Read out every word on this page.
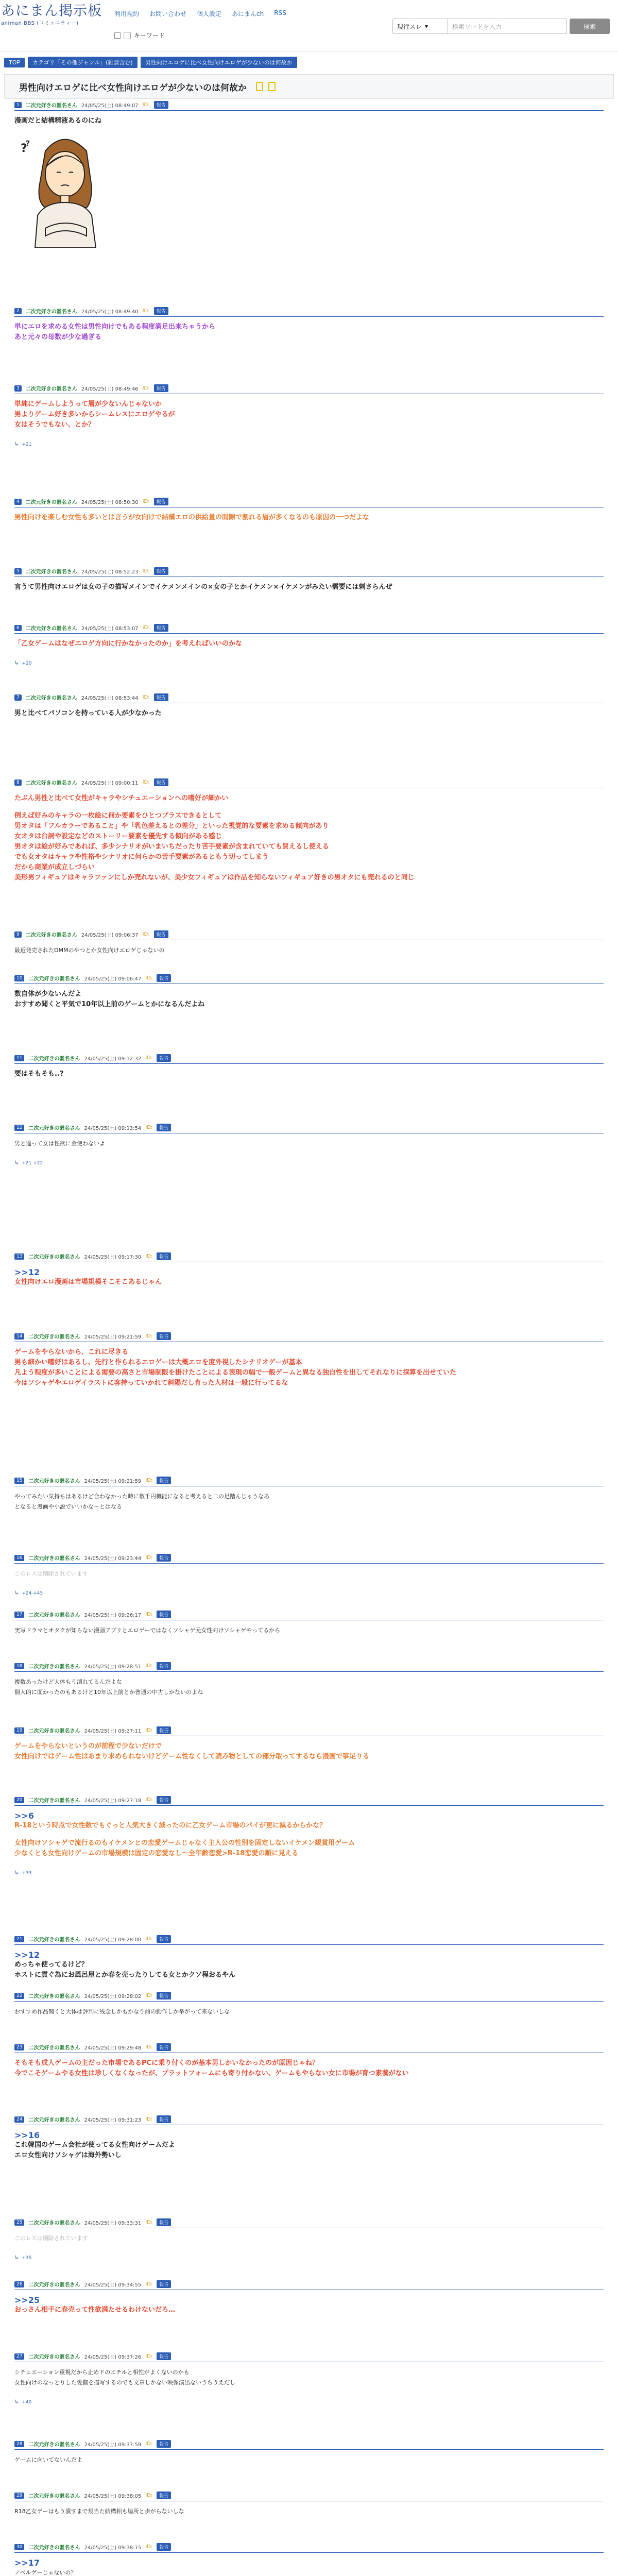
あにまん掲示板
animan BBS (コミュニティー)
利用規約 お問い合わせ 個人設定 あにまんch RSS
キーワード
現行スレ ▾	検索ワードを入力	検索
TOP	カテゴリ「その他ジャンル」(雑談含む)	男性向けエロゲに比べ女性向けエロゲが少ないのは何故か
男性向けエロゲに比べ女性向けエロゲが少ないのは何故か
1	二次元好きの匿名さん 24/05/25(土) 08:49:07 ID:	報告
漫画だと結構精液あるのにね
?
?
2	二次元好きの匿名さん 24/05/25(土) 08:49:40 ID:	報告
単にエロを求める女性は男性向けでもある程度満足出来ちゃうから
あと元々の母数が少な過ぎる
3	二次元好きの匿名さん 24/05/25(土) 08:49:46 ID:	報告
単純にゲームしようって層が少ないんじゃないか
男よりゲーム好き多いからシームレスにエロゲやるが
女はそうでもない、とか？
↳ +21
4	二次元好きの匿名さん 24/05/25(土) 08:50:30 ID:	報告
男性向けを楽しむ女性も多いとは言うが女向けで結構エロの供給量の間隙で割れる層が多くなるのも原因の一つだよな
5	二次元好きの匿名さん 24/05/25(土) 08:52:23 ID:	報告
言うて男性向けエロゲは女の子の描写メインでイケメンメインの×女の子とかイケメン×イケメンがみたい需要には刺さらんぜ
6	二次元好きの匿名さん 24/05/25(土) 08:53:07 ID:	報告
「乙女ゲームはなぜエロゲ方向に行かなかったのか」を考えればいいのかな
↳ +20
7	二次元好きの匿名さん 24/05/25(土) 08:53:44 ID:	報告
男と比べてパソコンを持っている人が少なかった
8	二次元好きの匿名さん 24/05/25(土) 09:00:11 ID:	報告
たぶん男性と比べて女性がキャラやシチュエーションへの嗜好が細かい
例えば好みのキャラの一枚絵に何か要素をひとつプラスできるとして
男オタは「フルカラーであること」や「乳色差えるとの差分」といった視覚的な要素を求める傾向があり
女オタは台詞や設定などのストーリー要素を優先する傾向がある感じ
男オタは絵が好みであれば、多少シナリオがいまいちだったり苦手要素が含まれていても買えるし使える
でも女オタはキャラや性格やシナリオに何らかの苦手要素があるともう切ってしまう
だから商業が成立しづらい
美形男フィギュアはキャラファンにしか売れないが、美少女フィギュアは作品を知らないフィギュア好きの男オタにも売れるのと同じ
9	二次元好きの匿名さん 24/05/25(土) 09:06:37 ID:	報告
最近発売されたDMMのやつとか女性向けエロゲじゃないの
10	二次元好きの匿名さん 24/05/25(土) 09:06:47 ID:	報告
数自体が少ないんだよ
おすすめ聞くと平気で10年以上前のゲームとかになるんだよね
11	二次元好きの匿名さん 24/05/25(土) 09:12:32 ID:	報告
要はそもそも..?
12	二次元好きの匿名さん 24/05/25(土) 09:13:54 ID:	報告
男と違って女は性欲に金使わないよ
↳ +21 +22
13	二次元好きの匿名さん 24/05/25(土) 09:17:30 ID:	報告
>>12
女性向けエロ漫画は市場規模そこそこあるじゃん
14	二次元好きの匿名さん 24/05/25(土) 09:21:59 ID:	報告
ゲームをやらないから、これに尽きる
男も細かい嗜好はあるし、先行と作られるエロゲーは大概エロを度外視したシナリオゲーが基本
凡よう程度が多いことによる需要の高さと市場制限を掛けたことによる表現の幅で一般ゲームと異なる独自性を出してそれなりに採算を出せていた
今はソシャゲやエロゲイラストに客持っていかれて斜陽だし育った人材は一般に行ってるな
15	二次元好きの匿名さん 24/05/25(土) 09:21:59 ID:	報告
やってみたい気持ちはあるけど合わなかった時に数千円機能になると考えると二の足踏んじゃうなあ
となると漫画や小説でいいかな〜とはなる
16	二次元好きの匿名さん 24/05/25(土) 09:23:44 ID:	報告
このレスは削除されています
↳ +24 +45
17	二次元好きの匿名さん 24/05/25(土) 09:26:17 ID:	報告
実写ドラマとオタクが知らない漫画アプリとエロゲーではなくソシャゲ元女性向けソシャゲやってるから
18	二次元好きの匿名さん 24/05/25(土) 09:28:51 ID:	報告
複数あったけど大体もう潰れてるんだよな
個人的に面かったのもあるけど10年以上前とか普通の中古しかないのよね
19	二次元好きの匿名さん 24/05/25(土) 09:27:11 ID:	報告
ゲームをやらないというのが前程で少ないだけで
女性向けではゲーム性はあまり求められないけどゲーム性なくして読み物としての部分取ってするなら漫画で事足りる
20	二次元好きの匿名さん 24/05/25(土) 09:27:18 ID:	報告
>>6
R-18という時点で女性数でもぐっと人気大きく減ったのに乙女ゲーム市場のパイが更に減るからかな？
女性向けソシャゲで流行るのもイケメンとの恋愛ゲームじゃなく主人公の性別を固定しないイケメン観賞用ゲーム
少なくとも女性向けゲームの市場規模は固定の恋愛なし〜全年齢恋愛>R-18恋愛の順に見える
↳ +33
21	二次元好きの匿名さん 24/05/25(土) 09:28:00 ID:	報告
>>12
めっちゃ使ってるけど？
ホストに貢ぐ為にお風呂屋とか春を売ったりしてる女とかクソ程おるやん
22	二次元好きの匿名さん 24/05/25(土) 09:28:02 ID:	報告
おすすめ作品聞くと大体は評判に残念しかもかなり前の動作しか挙がって来ないしな
23	二次元好きの匿名さん 24/05/25(土) 09:29:48 ID:	報告
そもそも成人ゲームの主だった市場であるPCに乗り付くのが基本男しかいなかったのが原因じゃね？
今でこそゲームやる女性は珍しくなくなったが、プラットフォームにも寄り付かない、ゲームもやらない女に市場が育つ素養がない
24	二次元好きの匿名さん 24/05/25(土) 09:31:23 ID:	報告
>>16
これ韓国のゲーム会社が使ってる女性向けゲームだよ
エロ女性向けソシャゲは海外勢いし
25	二次元好きの匿名さん 24/05/25(土) 09:33:31 ID:	報告
このレスは削除されています
↳ +35
26	二次元好きの匿名さん 24/05/25(土) 09:34:55 ID:	報告
>>25
おっさん相手に春売って性欲満たせるわけないだろ…
27	二次元好きの匿名さん 24/05/25(土) 09:37:26 ID:	報告
シチュエーション重視だから止めドのエチルと相性がよくないのかも
女性向けのなっとりした愛撫を描写するのでも文章しかない映像演出ないうちうえだし
↳ +40
28	二次元好きの匿名さん 24/05/25(土) 09:37:59 ID:	報告
ゲームに向いてないんだよ
29	二次元好きの匿名さん 24/05/25(土) 09:38:05 ID:	報告
R18乙女ゲーはもう潰すまで規当た結構相も場所と歩がらないしな
30	二次元好きの匿名さん 24/05/25(土) 09:38:15 ID:	報告
>>17
ノベルゲーじゃないの？
